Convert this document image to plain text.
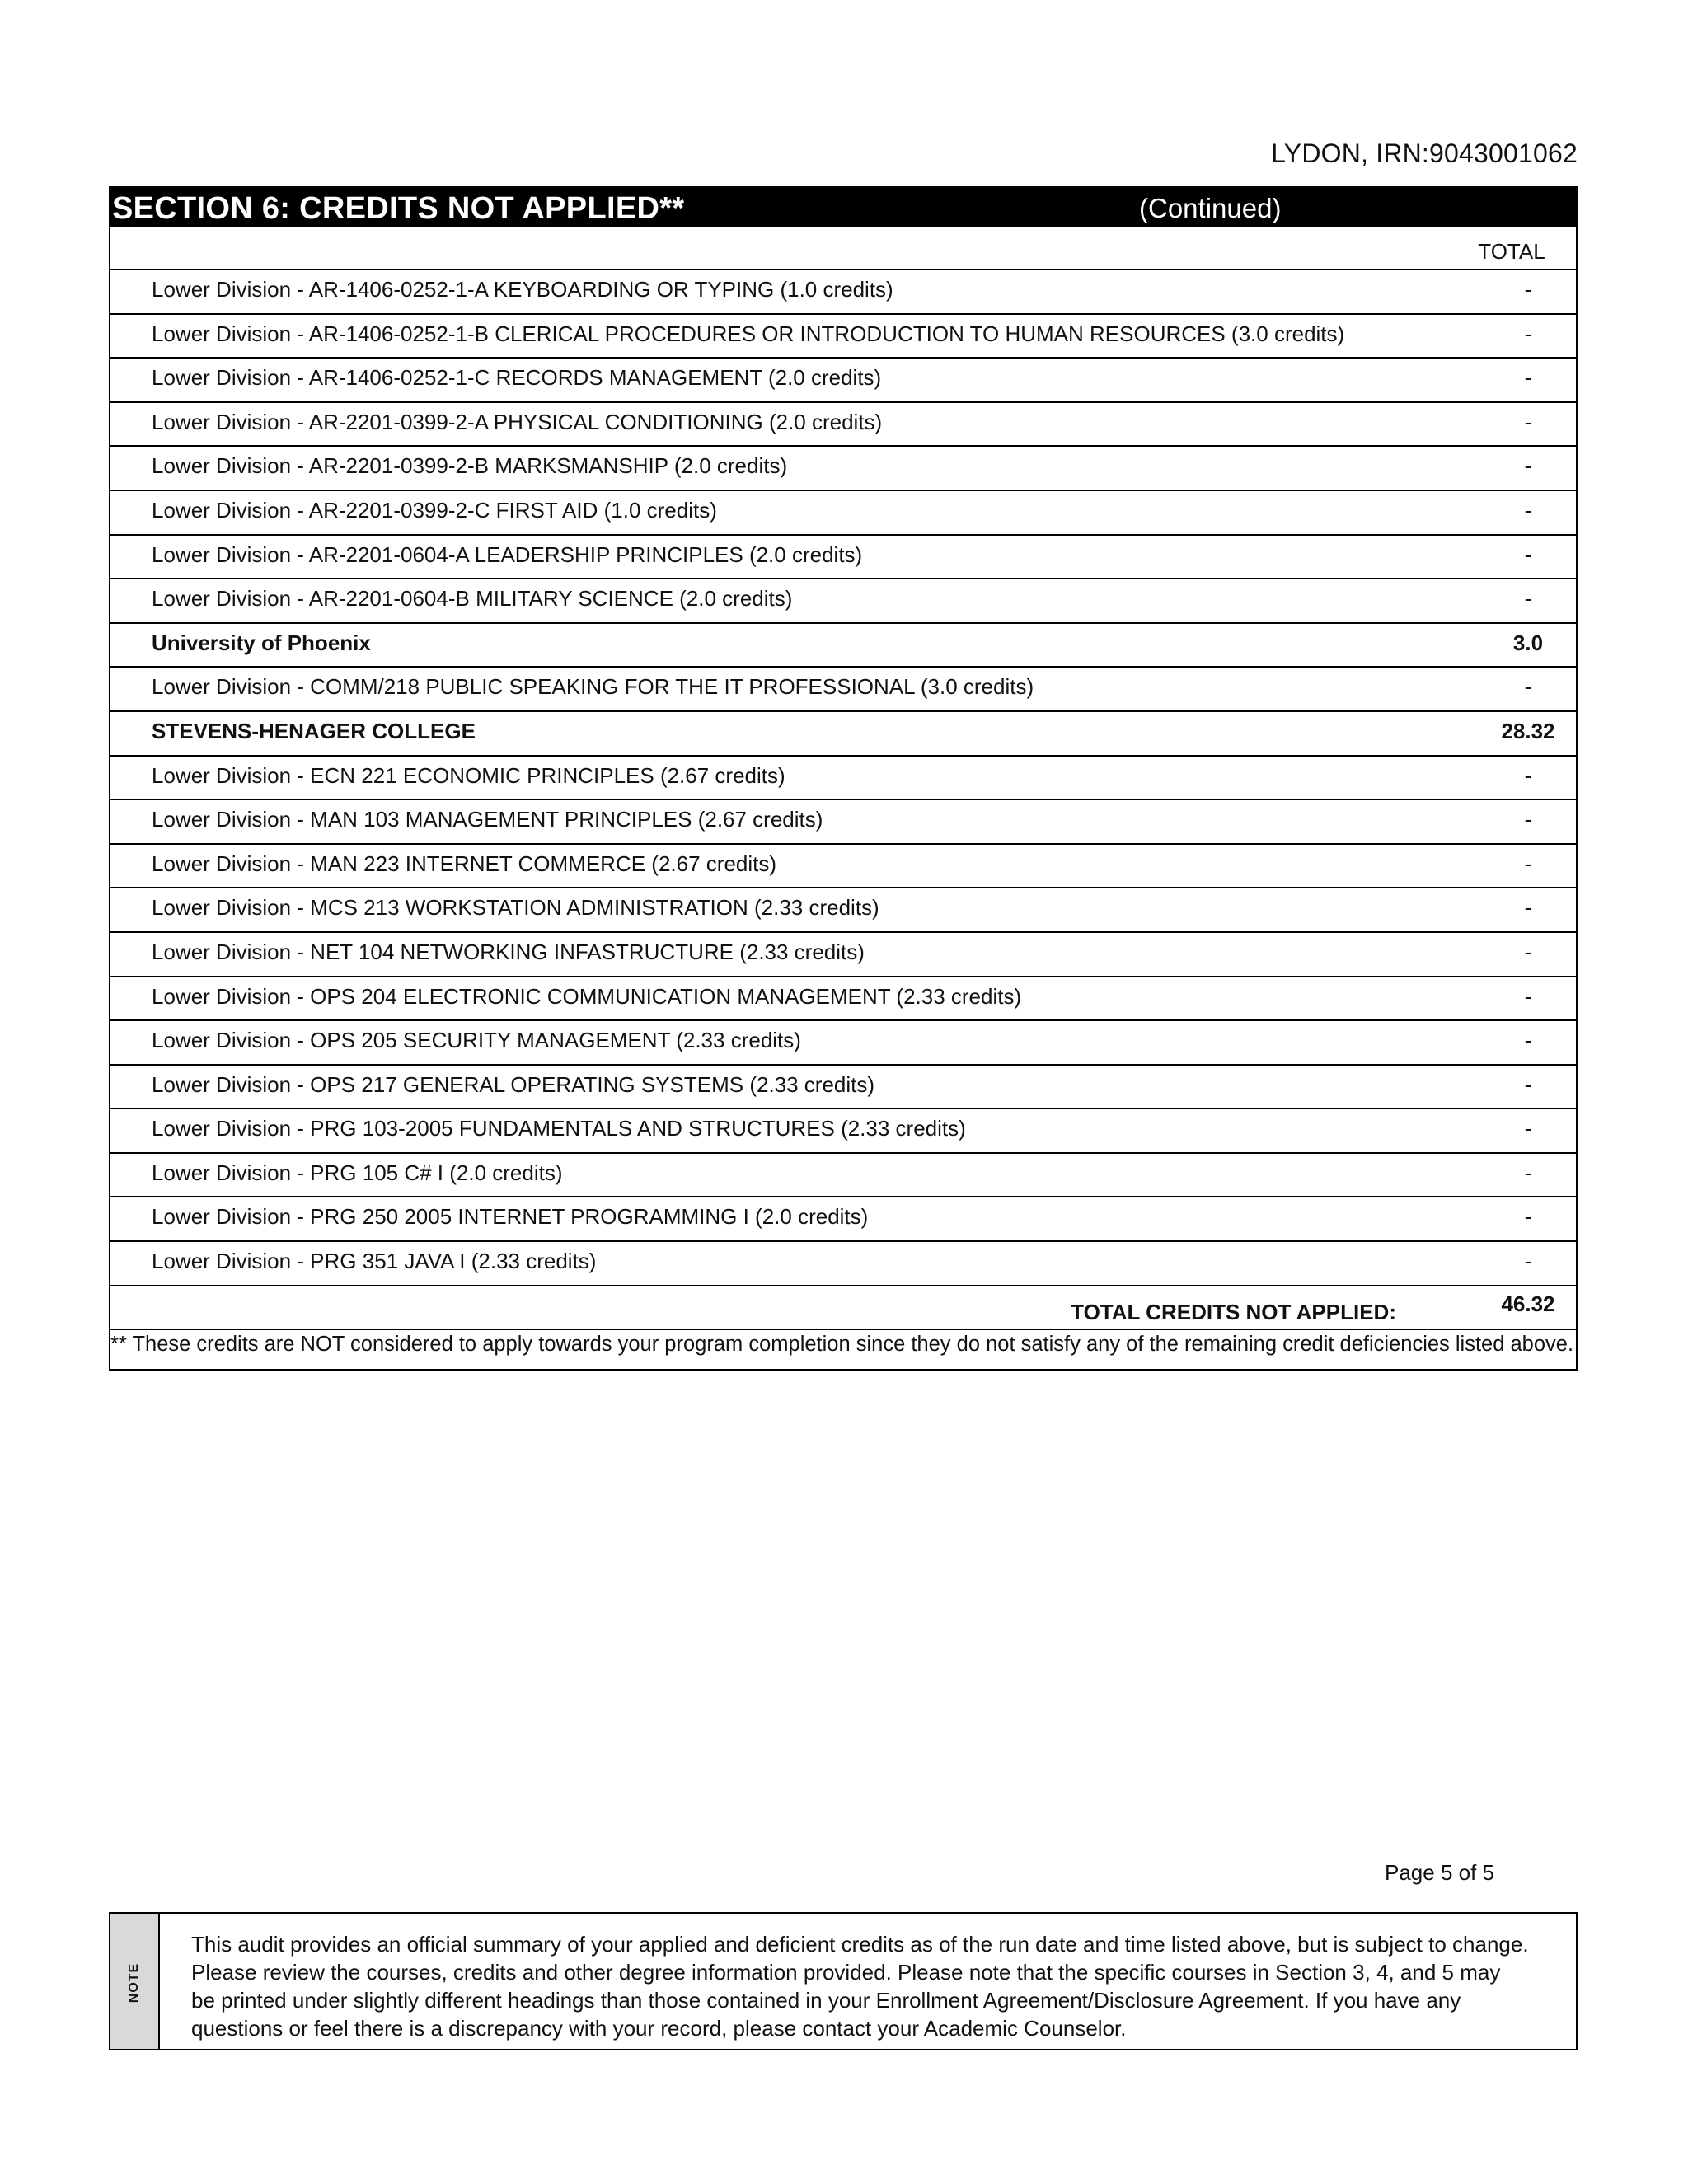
LYDON, IRN:9043001062
SECTION 6: CREDITS NOT APPLIED**	(Continued)
TOTAL
Lower Division - AR-1406-0252-1-A KEYBOARDING OR TYPING (1.0 credits)	-
Lower Division - AR-1406-0252-1-B CLERICAL PROCEDURES OR INTRODUCTION TO HUMAN RESOURCES (3.0 credits)	-
Lower Division - AR-1406-0252-1-C RECORDS MANAGEMENT (2.0 credits)	-
Lower Division - AR-2201-0399-2-A PHYSICAL CONDITIONING (2.0 credits)	-
Lower Division - AR-2201-0399-2-B MARKSMANSHIP (2.0 credits)	-
Lower Division - AR-2201-0399-2-C FIRST AID (1.0 credits)	-
Lower Division - AR-2201-0604-A LEADERSHIP PRINCIPLES (2.0 credits)	-
Lower Division - AR-2201-0604-B MILITARY SCIENCE (2.0 credits)	-
University of Phoenix	3.0
Lower Division - COMM/218 PUBLIC SPEAKING FOR THE IT PROFESSIONAL (3.0 credits)	-
STEVENS-HENAGER COLLEGE	28.32
Lower Division - ECN 221 ECONOMIC PRINCIPLES (2.67 credits)	-
Lower Division - MAN 103 MANAGEMENT PRINCIPLES (2.67 credits)	-
Lower Division - MAN 223 INTERNET COMMERCE (2.67 credits)	-
Lower Division - MCS 213 WORKSTATION ADMINISTRATION (2.33 credits)	-
Lower Division - NET 104 NETWORKING INFASTRUCTURE (2.33 credits)	-
Lower Division - OPS 204 ELECTRONIC COMMUNICATION MANAGEMENT (2.33 credits)	-
Lower Division - OPS 205 SECURITY MANAGEMENT (2.33 credits)	-
Lower Division - OPS 217 GENERAL OPERATING SYSTEMS (2.33 credits)	-
Lower Division - PRG 103-2005 FUNDAMENTALS AND STRUCTURES (2.33 credits)	-
Lower Division - PRG 105 C# I (2.0 credits)	-
Lower Division - PRG 250 2005 INTERNET PROGRAMMING I (2.0 credits)	-
Lower Division - PRG 351 JAVA I (2.33 credits)	-
TOTAL CREDITS NOT APPLIED:	46.32
** These credits are NOT considered to apply towards your program completion since they do not satisfy any of the remaining credit deficiencies listed above.
Page 5 of 5
NOTE
This audit provides an official summary of your applied and deficient credits as of the run date and time listed above, but is subject to change.
Please review the courses, credits and other degree information provided. Please note that the specific courses in Section 3, 4, and 5 may
be printed under slightly different headings than those contained in your Enrollment Agreement/Disclosure Agreement. If you have any
questions or feel there is a discrepancy with your record, please contact your Academic Counselor.
